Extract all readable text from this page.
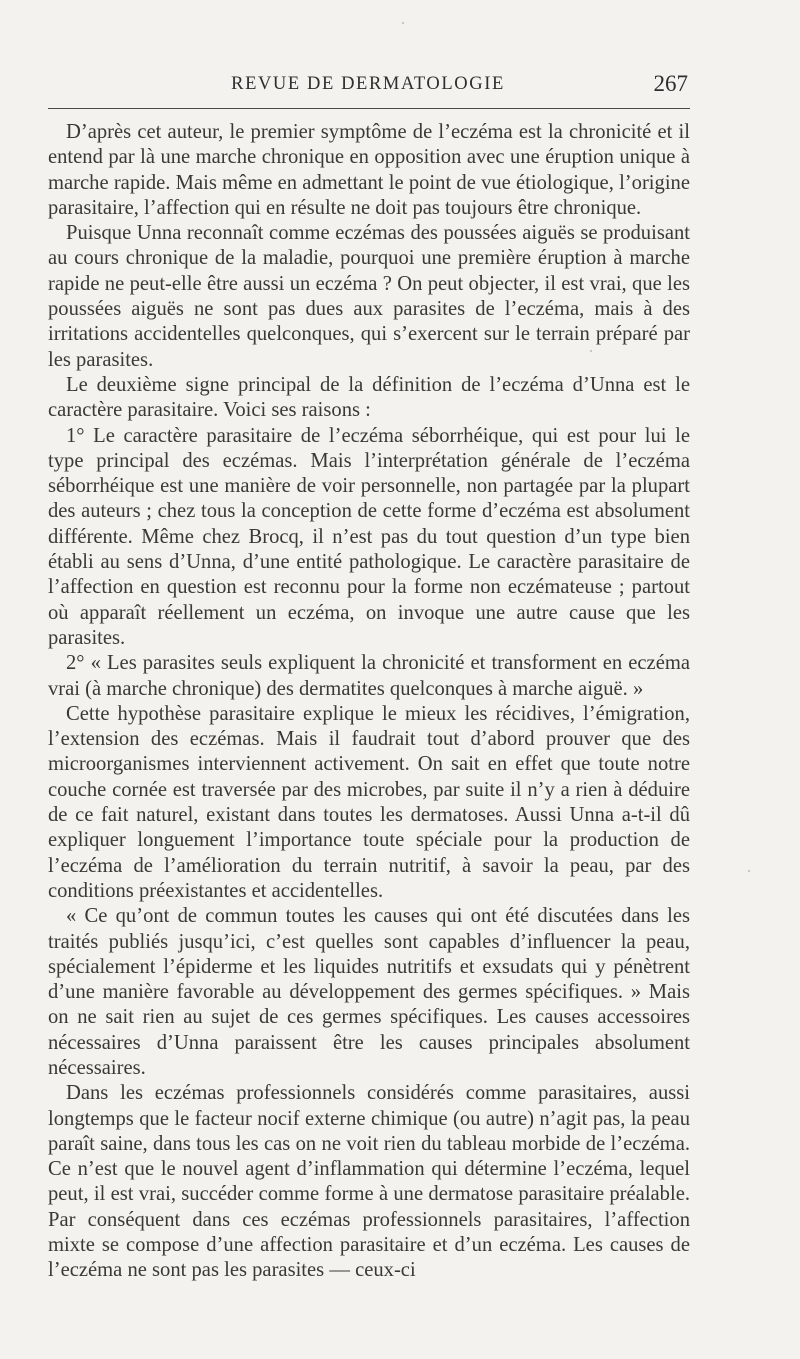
REVUE DE DERMATOLOGIE	267

D’après cet auteur, le premier symptôme de l’eczéma est la chronicité et il entend par là une marche chronique en opposition avec une éruption unique à marche rapide. Mais même en admettant le point de vue étiologique, l’origine parasitaire, l’affection qui en résulte ne doit pas toujours être chronique.

Puisque Unna reconnaît comme eczémas des poussées aiguës se produisant au cours chronique de la maladie, pourquoi une première éruption à marche rapide ne peut-elle être aussi un eczéma ? On peut objecter, il est vrai, que les poussées aiguës ne sont pas dues aux parasites de l’eczéma, mais à des irritations accidentelles quelconques, qui s’exercent sur le terrain préparé par les parasites.

Le deuxième signe principal de la définition de l’eczéma d’Unna est le caractère parasitaire. Voici ses raisons :

1° Le caractère parasitaire de l’eczéma séborrhéique, qui est pour lui le type principal des eczémas. Mais l’interprétation générale de l’eczéma séborrhéique est une manière de voir personnelle, non partagée par la plupart des auteurs ; chez tous la conception de cette forme d’eczéma est absolument différente. Même chez Brocq, il n’est pas du tout question d’un type bien établi au sens d’Unna, d’une entité pathologique. Le caractère parasitaire de l’affection en question est reconnu pour la forme non eczémateuse ; partout où apparaît réellement un eczéma, on invoque une autre cause que les parasites.

2° « Les parasites seuls expliquent la chronicité et transforment en eczéma vrai (à marche chronique) des dermatites quelconques à marche aiguë. »

Cette hypothèse parasitaire explique le mieux les récidives, l’émigration, l’extension des eczémas. Mais il faudrait tout d’abord prouver que des microorganismes interviennent activement. On sait en effet que toute notre couche cornée est traversée par des microbes, par suite il n’y a rien à déduire de ce fait naturel, existant dans toutes les dermatoses. Aussi Unna a-t-il dû expliquer longuement l’importance toute spéciale pour la production de l’eczéma de l’amélioration du terrain nutritif, à savoir la peau, par des conditions préexistantes et accidentelles.

« Ce qu’ont de commun toutes les causes qui ont été discutées dans les traités publiés jusqu’ici, c’est quelles sont capables d’influencer la peau, spécialement l’épiderme et les liquides nutritifs et exsudats qui y pénètrent d’une manière favorable au développement des germes spécifiques. » Mais on ne sait rien au sujet de ces germes spécifiques. Les causes accessoires nécessaires d’Unna paraissent être les causes principales absolument nécessaires.

Dans les eczémas professionnels considérés comme parasitaires, aussi longtemps que le facteur nocif externe chimique (ou autre) n’agit pas, la peau paraît saine, dans tous les cas on ne voit rien du tableau morbide de l’eczéma. Ce n’est que le nouvel agent d’inflammation qui détermine l’eczéma, lequel peut, il est vrai, succéder comme forme à une dermatose parasitaire préalable. Par conséquent dans ces eczémas professionnels parasitaires, l’affection mixte se compose d’une affection parasitaire et d’un eczéma. Les causes de l’eczéma ne sont pas les parasites — ceux-ci
